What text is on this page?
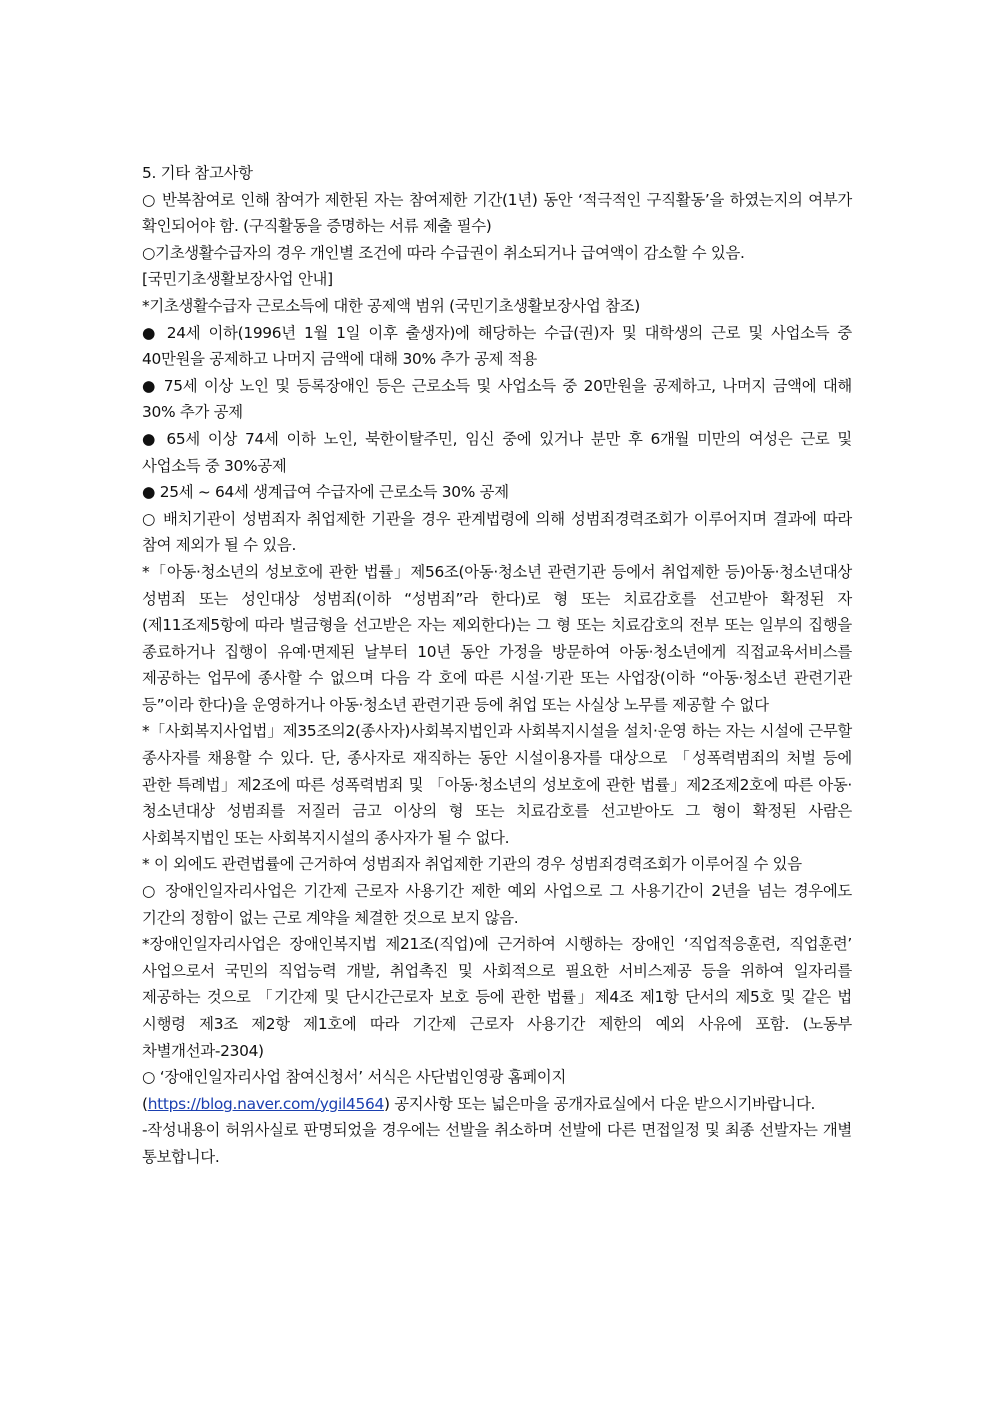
5. 기타 참고사항

○ 반복참여로 인해 참여가 제한된 자는 참여제한 기간(1년) 동안 ‘적극적인 구직활동’을 하였는지의 여부가 확인되어야 함. (구직활동을 증명하는 서류 제출 필수)

○기초생활수급자의 경우 개인별 조건에 따라 수급권이 취소되거나 급여액이 감소할 수 있음.

[국민기초생활보장사업 안내]

*기초생활수급자 근로소득에 대한 공제액 범위 (국민기초생활보장사업 참조)

● 24세 이하(1996년 1월 1일 이후 출생자)에 해당하는 수급(권)자 및 대학생의 근로 및 사업소득 중 40만원을 공제하고 나머지 금액에 대해 30% 추가 공제 적용

● 75세 이상 노인 및 등록장애인 등은 근로소득 및 사업소득 중 20만원을 공제하고, 나머지 금액에 대해 30% 추가 공제

● 65세 이상 74세 이하 노인, 북한이탈주민, 임신 중에 있거나 분만 후 6개월 미만의 여성은 근로 및 사업소득 중 30%공제

● 25세 ~ 64세 생계급여 수급자에 근로소득 30% 공제

○ 배치기관이 성범죄자 취업제한 기관을 경우 관계법령에 의해 성범죄경력조회가 이루어지며 결과에 따라 참여 제외가 될 수 있음.

*「아동·청소년의 성보호에 관한 법률」제56조(아동·청소년 관련기관 등에서 취업제한 등)아동·청소년대상 성범죄 또는 성인대상 성범죄(이하 “성범죄”라 한다)로 형 또는 치료감호를 선고받아 확정된 자(제11조제5항에 따라 벌금형을 선고받은 자는 제외한다)는 그 형 또는 치료감호의 전부 또는 일부의 집행을 종료하거나 집행이 유예·면제된 날부터 10년 동안 가정을 방문하여 아동·청소년에게 직접교육서비스를 제공하는 업무에 종사할 수 없으며 다음 각 호에 따른 시설·기관 또는 사업장(이하 “아동·청소년 관련기관 등”이라 한다)을 운영하거나 아동·청소년 관련기관 등에 취업 또는 사실상 노무를 제공할 수 없다

*「사회복지사업법」제35조의2(종사자)사회복지법인과 사회복지시설을 설치·운영 하는 자는 시설에 근무할 종사자를 채용할 수 있다. 단, 종사자로 재직하는 동안 시설이용자를 대상으로 「성폭력범죄의 처벌 등에 관한 특례법」제2조에 따른 성폭력범죄 및 「아동·청소년의 성보호에 관한 법률」제2조제2호에 따른 아동·청소년대상 성범죄를 저질러 금고 이상의 형 또는 치료감호를 선고받아도 그 형이 확정된 사람은 사회복지법인 또는 사회복지시설의 종사자가 될 수 없다.

* 이 외에도 관련법률에 근거하여 성범죄자 취업제한 기관의 경우 성범죄경력조회가 이루어질 수 있음

○ 장애인일자리사업은 기간제 근로자 사용기간 제한 예외 사업으로 그 사용기간이 2년을 넘는 경우에도 기간의 정함이 없는 근로 계약을 체결한 것으로 보지 않음.

*장애인일자리사업은 장애인복지법 제21조(직업)에 근거하여 시행하는 장애인 ‘직업적응훈련, 직업훈련’ 사업으로서 국민의 직업능력 개발, 취업촉진 및 사회적으로 필요한 서비스제공 등을 위하여 일자리를 제공하는 것으로 「기간제 및 단시간근로자 보호 등에 관한 법률」제4조 제1항 단서의 제5호 및 같은 법 시행령 제3조 제2항 제1호에 따라 기간제 근로자 사용기간 제한의 예외 사유에 포함. (노동부 차별개선과-2304)

○ ‘장애인일자리사업 참여신청서’ 서식은 사단법인영광 홈페이지

(https://blog.naver.com/ygil4564) 공지사항 또는 넓은마을 공개자료실에서 다운 받으시기바랍니다.

-작성내용이 허위사실로 판명되었을 경우에는 선발을 취소하며 선발에 다른 면접일정 및 최종 선발자는 개별 통보합니다.
